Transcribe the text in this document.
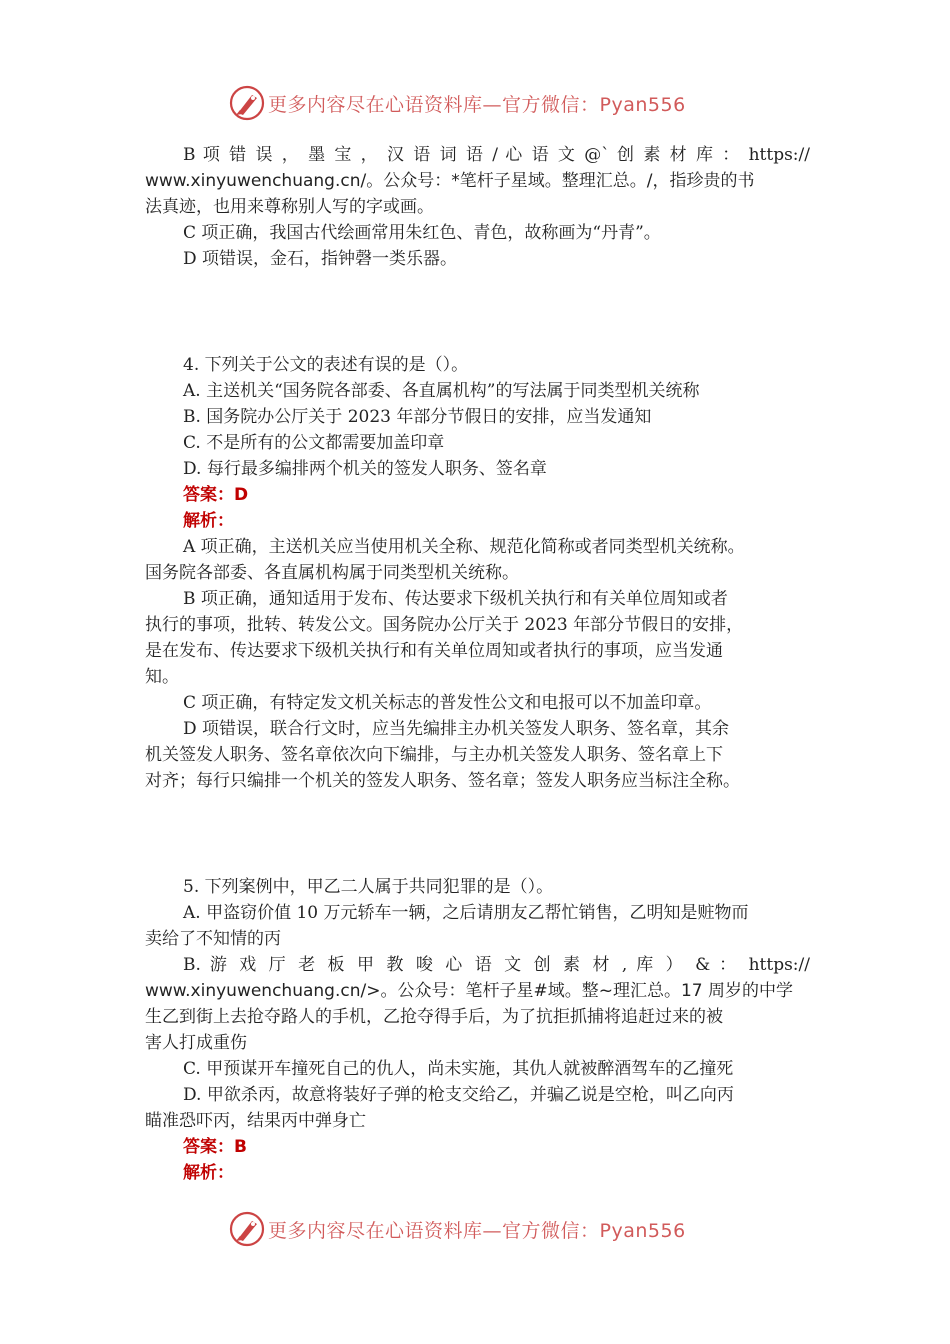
更多内容尽在心语资料库—官方微信：Pyan556

B 项 错 误 ， 墨 宝 ， 汉 语 词 语 / 心 语 文 @` 创 素 材 库 ： https://

www.xinyuwenchuang.cn/。公众号：*笔杆子星域。整理汇总。/，指珍贵的书

法真迹，也用来尊称别人写的字或画。

C 项正确，我国古代绘画常用朱红色、青色，故称画为“丹青”。

D 项错误，金石，指钟磬一类乐器。

4. 下列关于公文的表述有误的是（）。

A. 主送机关“国务院各部委、各直属机构”的写法属于同类型机关统称

B. 国务院办公厅关于 2023 年部分节假日的安排，应当发通知

C. 不是所有的公文都需要加盖印章

D. 每行最多编排两个机关的签发人职务、签名章

答案：D

解析：

A 项正确，主送机关应当使用机关全称、规范化简称或者同类型机关统称。

国务院各部委、各直属机构属于同类型机关统称。

B 项正确，通知适用于发布、传达要求下级机关执行和有关单位周知或者

执行的事项，批转、转发公文。国务院办公厅关于 2023 年部分节假日的安排，

是在发布、传达要求下级机关执行和有关单位周知或者执行的事项，应当发通

知。

C 项正确，有特定发文机关标志的普发性公文和电报可以不加盖印章。

D 项错误，联合行文时，应当先编排主办机关签发人职务、签名章，其余

机关签发人职务、签名章依次向下编排，与主办机关签发人职务、签名章上下

对齐；每行只编排一个机关的签发人职务、签名章；签发人职务应当标注全称。

5. 下列案例中，甲乙二人属于共同犯罪的是（）。

A. 甲盗窃价值 10 万元轿车一辆，之后请朋友乙帮忙销售，乙明知是赃物而

卖给了不知情的丙

B. 游 戏 厅 老 板 甲 教 唆 心 语 文 创 素 材 , 库 ） & ： https://

www.xinyuwenchuang.cn/>。公众号：笔杆子星#域。整~理汇总。17 周岁的中学

生乙到街上去抢夺路人的手机，乙抢夺得手后，为了抗拒抓捕将追赶过来的被

害人打成重伤

C. 甲预谋开车撞死自己的仇人，尚未实施，其仇人就被醉酒驾车的乙撞死

D. 甲欲杀丙，故意将装好子弹的枪支交给乙，并骗乙说是空枪，叫乙向丙

瞄准恐吓丙，结果丙中弹身亡

答案：B

解析：

更多内容尽在心语资料库—官方微信：Pyan556
